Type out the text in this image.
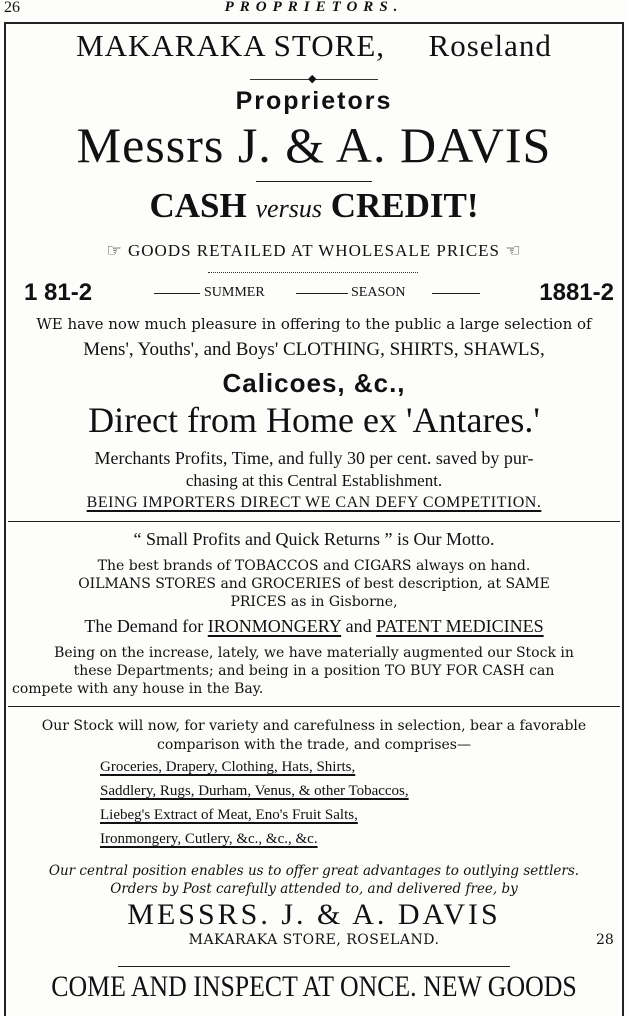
26	PROPRIETORS.
MAKARAKA STORE, Roseland
◆
Proprietors
Messrs J. & A. DAVIS
CASH versus CREDIT!
☞ GOODS RETAILED AT WHOLESALE PRICES ☜
1 81-2	SUMMER	SEASON	1881-2
WE have now much pleasure in offering to the public a large selection of
Mens', Youths', and Boys' CLOTHING, SHIRTS, SHAWLS,
Calicoes, &c.,
Direct from Home ex 'Antares.'
Merchants Profits, Time, and fully 30 per cent. saved by pur-
chasing at this Central Establishment.
BEING IMPORTERS DIRECT WE CAN DEFY COMPETITION.
“ Small Profits and Quick Returns ” is Our Motto.
The best brands of TOBACCOS and CIGARS always on hand.
OILMANS STORES and GROCERIES of best description, at SAME
PRICES as in Gisborne,
The Demand for IRONMONGERY and PATENT MEDICINES
Being on the increase, lately, we have materially augmented our Stock in
these Departments; and being in a position TO BUY FOR CASH can
compete with any house in the Bay.
Our Stock will now, for variety and carefulness in selection, bear a favorable
comparison with the trade, and comprises—
Groceries, Drapery, Clothing, Hats, Shirts,
Saddlery, Rugs, Durham, Venus, & other Tobaccos,
Liebeg's Extract of Meat, Eno's Fruit Salts,
Ironmongery, Cutlery, &c., &c., &c.
Our central position enables us to offer great advantages to outlying settlers.
Orders by Post carefully attended to, and delivered free, by
MESSRS. J. & A. DAVIS
MAKARAKA STORE, ROSELAND.	28
COME AND INSPECT AT ONCE. NEW GOODS
